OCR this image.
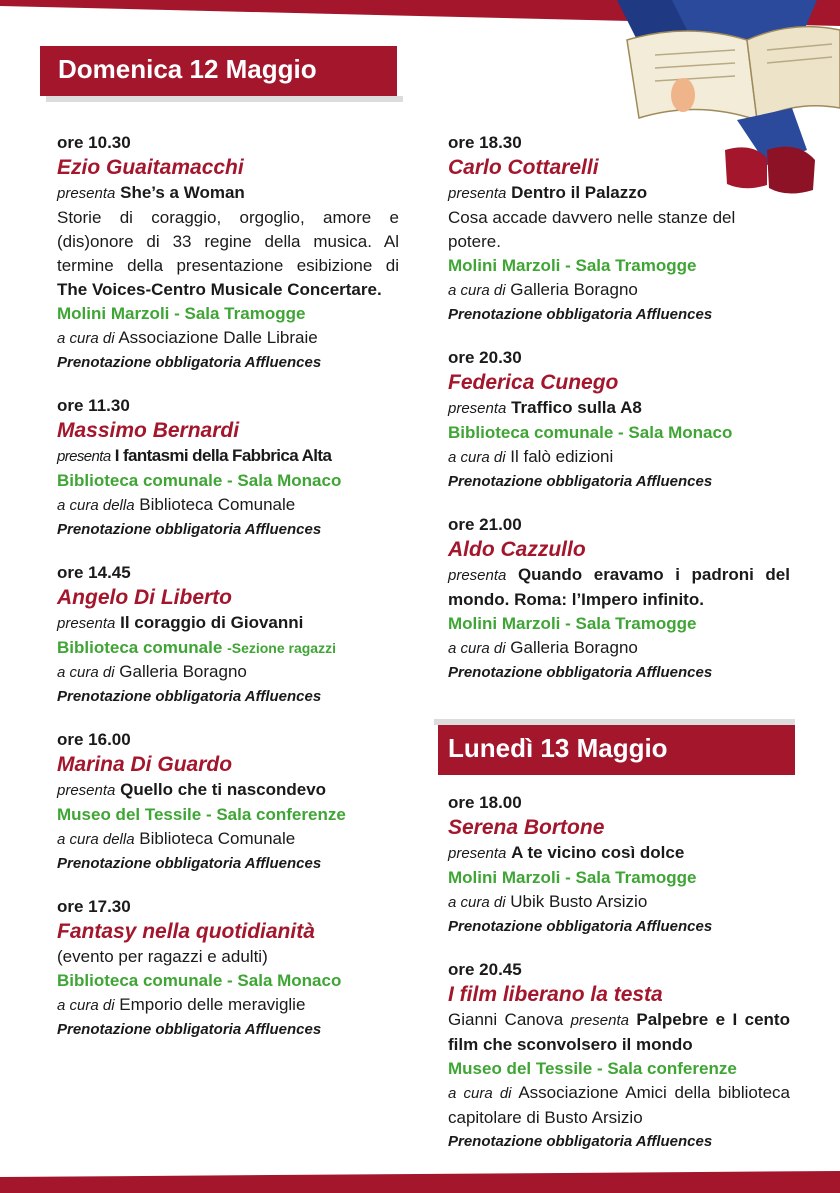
Domenica 12 Maggio
ore 10.30
Ezio Guaitamacchi
presenta She’s a Woman
Storie di coraggio, orgoglio, amore e (dis)onore di 33 regine della musica. Al termine della presentazione esibizione di The Voices-Centro Musicale Concertare.
Molini Marzoli - Sala Tramogge
a cura di Associazione Dalle Libraie
Prenotazione obbligatoria Affluences
ore 11.30
Massimo Bernardi
presenta I fantasmi della Fabbrica Alta
Biblioteca comunale - Sala Monaco
a cura della Biblioteca Comunale
Prenotazione obbligatoria Affluences
ore 14.45
Angelo Di Liberto
presenta Il coraggio di Giovanni
Biblioteca comunale -Sezione ragazzi
a cura di Galleria Boragno
Prenotazione obbligatoria Affluences
ore 16.00
Marina Di Guardo
presenta Quello che ti nascondevo
Museo del Tessile - Sala conferenze
a cura della Biblioteca Comunale
Prenotazione obbligatoria Affluences
ore 17.30
Fantasy nella quotidianità
(evento per ragazzi e adulti)
Biblioteca comunale - Sala Monaco
a cura di Emporio delle meraviglie
Prenotazione obbligatoria Affluences
ore 18.30
Carlo Cottarelli
presenta Dentro il Palazzo
Cosa accade davvero nelle stanze del potere.
Molini Marzoli - Sala Tramogge
a cura di Galleria Boragno
Prenotazione obbligatoria Affluences
ore 20.30
Federica Cunego
presenta Traffico sulla A8
Biblioteca comunale - Sala Monaco
a cura di Il falò edizioni
Prenotazione obbligatoria Affluences
ore 21.00
Aldo Cazzullo
presenta Quando eravamo i padroni del mondo. Roma: l’Impero infinito.
Molini Marzoli - Sala Tramogge
a cura di Galleria Boragno
Prenotazione obbligatoria Affluences
Lunedì 13 Maggio
ore 18.00
Serena Bortone
presenta A te vicino così dolce
Molini Marzoli - Sala Tramogge
a cura di Ubik Busto Arsizio
Prenotazione obbligatoria Affluences
ore 20.45
I film liberano la testa
Gianni Canova presenta Palpebre e I cento film che sconvolsero il mondo
Museo del Tessile - Sala conferenze
a cura di Associazione Amici della biblioteca capitolare di Busto Arsizio
Prenotazione obbligatoria Affluences
